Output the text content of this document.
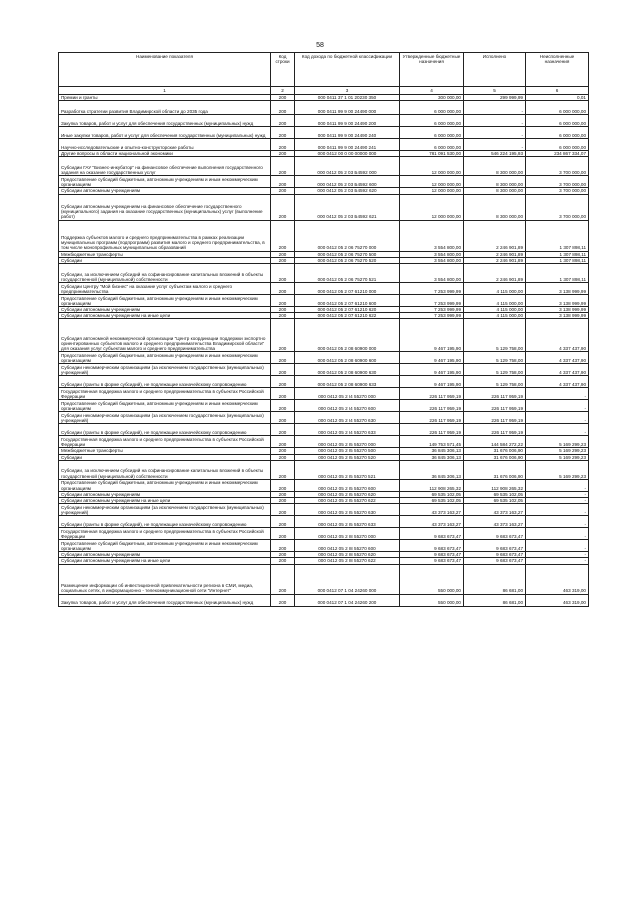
58
Наименование показателя	Код строки	Код дохода по бюджетной классификации	Утвержденные бюджетные назначения	Исполнено	Неисполненные назначения
1	2	3	4	5	6
Премии и гранты	200	000 0411 37 1 01 20230 350	300 000,00	299 999,99	0,01
Разработка стратегии развития Владимирской области до 2035 года	200	000 0411 99 9 00 24490 000	6 000 000,00	-	6 000 000,00
Закупка товаров, работ и услуг для обеспечения государственных (муниципальных) нужд	200	000 0411 99 9 00 24490 200	6 000 000,00	-	6 000 000,00
Иные закупки товаров, работ и услуг для обеспечения государственных (муниципальных) нужд	200	000 0411 99 9 00 24490 240	6 000 000,00	-	6 000 000,00
Научно-исследовательские и опытно-конструкторские работы	200	000 0411 99 9 00 24490 241	6 000 000,00	-	6 000 000,00
Другие вопросы в области национальной экономики	200	000 0412 00 0 00 00000 000	781 091 530,00	546 224 195,93	234 867 334,07
Субсидии ГАУ "Бизнес-инкубатор" на финансовое обеспечение выполнения государственного задания на оказание государственных услуг	200	000 0412 05 2 03 Б4592 000	12 000 000,00	8 300 000,00	3 700 000,00
Предоставление субсидий бюджетным, автономным учреждениям и иным некоммерческим организациям	200	000 0412 05 2 03 Б4592 600	12 000 000,00	8 300 000,00	3 700 000,00
Субсидии автономным учреждениям	200	000 0412 05 2 03 Б4592 620	12 000 000,00	8 300 000,00	3 700 000,00
Субсидии автономным учреждениям на финансовое обеспечение государственного (муниципального) задания на оказание государственных (муниципальных) услуг (выполнение работ)	200	000 0412 05 2 03 Б4592 621	12 000 000,00	8 300 000,00	3 700 000,00
Поддержка субъектов малого и среднего предпринимательства в рамках реализации муниципальных программ (подпрограмм) развития малого и среднего предпринимательства, в том числе монопрофильных муниципальных образований	200	000 0412 05 2 06 75270 000	3 554 800,00	2 246 901,89	1 307 898,11
Межбюджетные трансферты	200	000 0412 05 2 06 75270 500	3 554 800,00	2 246 901,89	1 307 898,11
Субсидии	200	000 0412 05 2 06 75270 520	3 554 800,00	2 246 901,89	1 307 898,11
Субсидии, за исключением субсидий на софинансирование капитальных вложений в объекты государственной (муниципальной) собственности	200	000 0412 05 2 06 75270 521	3 554 800,00	2 246 901,89	1 307 898,11
Субсидии Центру "Мой бизнес" на оказание услуг субъектам малого и среднего предпринимательства	200	000 0412 05 2 07 61210 000	7 253 999,99	4 115 000,00	3 138 999,99
Предоставление субсидий бюджетным, автономным учреждениям и иным некоммерческим организациям	200	000 0412 05 2 07 61210 600	7 253 999,99	4 115 000,00	3 138 999,99
Субсидии автономным учреждениям	200	000 0412 05 2 07 61210 620	7 253 999,99	4 115 000,00	3 138 999,99
Субсидии автономным учреждениям на иные цели	200	000 0412 05 2 07 61210 622	7 253 999,99	4 115 000,00	3 138 999,99
Субсидия автономной некоммерческой организации "Центр координации поддержки экспортно ориентированных субъектов малого и среднего предпринимательства Владимирской области" для оказания услуг субъектам малого и среднего предпринимательства	200	000 0412 05 2 08 60900 000	9 467 195,90	5 129 758,00	4 337 437,90
Предоставление субсидий бюджетным, автономным учреждениям и иным некоммерческим организациям	200	000 0412 05 2 08 60900 600	9 467 195,90	5 129 758,00	4 337 437,90
Субсидии некоммерческим организациям (за исключением государственных (муниципальных) учреждений)	200	000 0412 05 2 08 60900 630	9 467 195,90	5 129 758,00	4 337 437,90
Субсидии (гранты в форме субсидий), не подлежащие казначейскому сопровождению	200	000 0412 05 2 08 60900 633	9 467 195,90	5 129 758,00	4 337 437,90
Государственная поддержка малого и среднего предпринимательства в субъектах Российской Федерации	200	000 0412 05 2 I4 55270 000	226 117 959,19	226 117 959,19	-
Предоставление субсидий бюджетным, автономным учреждениям и иным некоммерческим организациям	200	000 0412 05 2 I4 55270 600	226 117 959,19	226 117 959,19	-
Субсидии некоммерческим организациям (за исключением государственных (муниципальных) учреждений)	200	000 0412 05 2 I4 55270 630	226 117 959,19	226 117 959,19	-
Субсидии (гранты в форме субсидий), не подлежащие казначейскому сопровождению	200	000 0412 05 2 I4 55270 633	226 117 959,19	226 117 959,19	-
Государственная поддержка малого и среднего предпринимательства в субъектах Российской Федерации	200	000 0412 05 2 I5 55270 000	149 753 571,45	144 584 272,22	5 169 299,23
Межбюджетные трансферты	200	000 0412 05 2 I5 55270 500	36 845 306,13	31 676 006,90	5 169 299,23
Субсидии	200	000 0412 05 2 I5 55270 520	36 845 306,13	31 676 006,90	5 169 299,23
Субсидии, за исключением субсидий на софинансирование капитальных вложений в объекты государственной (муниципальной) собственности	200	000 0412 05 2 I5 55270 521	36 845 306,13	31 676 006,90	5 169 299,23
Предоставление субсидий бюджетным, автономным учреждениям и иным некоммерческим организациям	200	000 0412 05 2 I5 55270 600	112 908 265,32	112 908 265,32	-
Субсидии автономным учреждениям	200	000 0412 05 2 I5 55270 620	69 535 102,05	69 535 102,05	-
Субсидии автономным учреждениям на иные цели	200	000 0412 05 2 I5 55270 622	69 535 102,05	69 535 102,05	-
Субсидии некоммерческим организациям (за исключением государственных (муниципальных) учреждений)	200	000 0412 05 2 I5 55270 630	43 373 163,27	43 373 163,27	-
Субсидии (гранты в форме субсидий), не подлежащие казначейскому сопровождению	200	000 0412 05 2 I5 55270 633	43 373 163,27	43 373 163,27	-
Государственная поддержка малого и среднего предпринимательства в субъектах Российской Федерации	200	000 0412 05 2 I8 55270 000	9 683 673,47	9 683 673,47	-
Предоставление субсидий бюджетным, автономным учреждениям и иным некоммерческим организациям	200	000 0412 05 2 I8 55270 600	9 683 673,47	9 683 673,47	-
Субсидии автономным учреждениям	200	000 0412 05 2 I8 55270 620	9 683 673,47	9 683 673,47	-
Субсидии автономным учреждениям на иные цели	200	000 0412 05 2 I8 55270 622	9 683 673,47	9 683 673,47	-
Размещение информации об инвестиционной привлекательности региона в СМИ, медиа, социальных сетях, в информационно - телекоммуникационной сети "Интернет"	200	000 0412 07 1 04 24260 000	550 000,00	86 681,00	463 319,00
Закупка товаров, работ и услуг для обеспечения государственных (муниципальных) нужд	200	000 0412 07 1 04 24260 200	550 000,00	86 681,00	463 319,00
